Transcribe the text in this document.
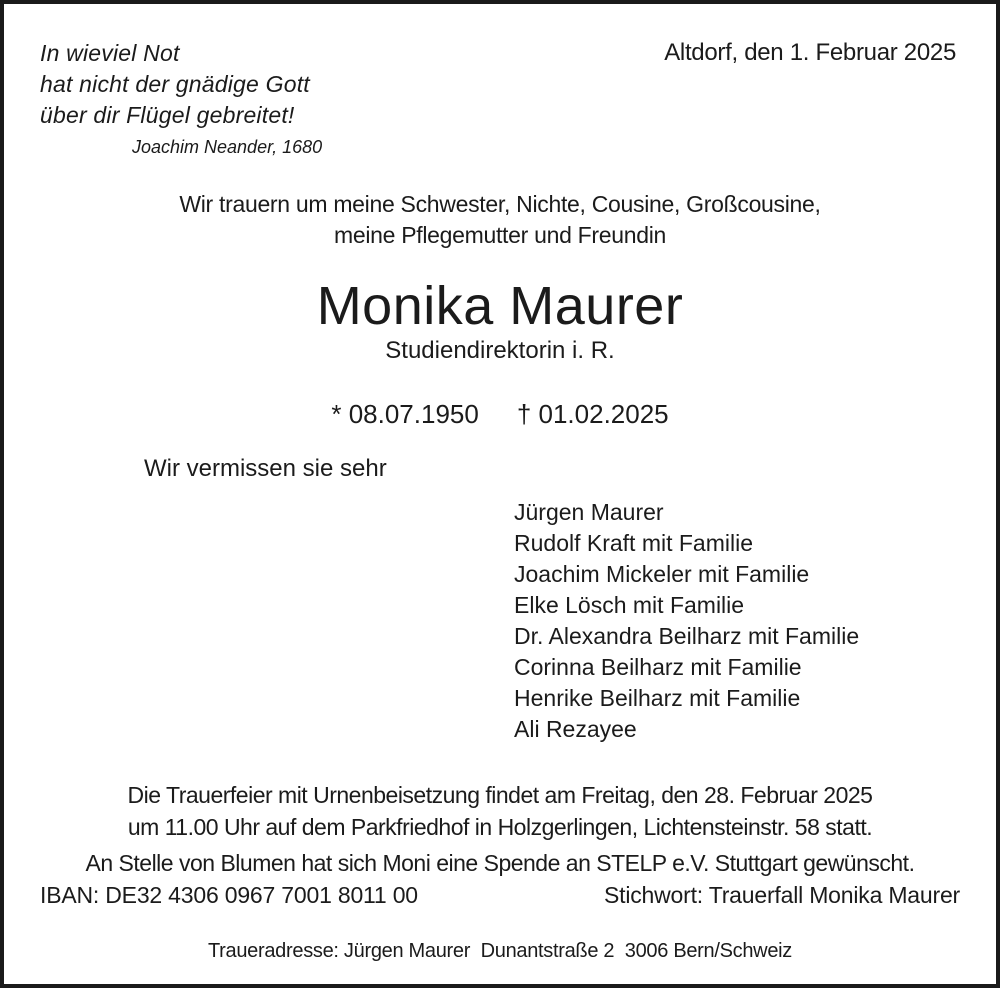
In wieviel Not
hat nicht der gnädige Gott
über dir Flügel gebreitet!
Joachim Neander, 1680
Altdorf, den 1. Februar 2025
Wir trauern um meine Schwester, Nichte, Cousine, Großcousine,
meine Pflegemutter und Freundin
Monika Maurer
Studiendirektorin i. R.
* 08.07.1950 † 01.02.2025
Wir vermissen sie sehr
Jürgen Maurer
Rudolf Kraft mit Familie
Joachim Mickeler mit Familie
Elke Lösch mit Familie
Dr. Alexandra Beilharz mit Familie
Corinna Beilharz mit Familie
Henrike Beilharz mit Familie
Ali Rezayee
Die Trauerfeier mit Urnenbeisetzung findet am Freitag, den 28. Februar 2025
um 11.00 Uhr auf dem Parkfriedhof in Holzgerlingen, Lichtensteinstr. 58 statt.
An Stelle von Blumen hat sich Moni eine Spende an STELP e.V. Stuttgart gewünscht.
IBAN: DE32 4306 0967 7001 8011 00	Stichwort: Trauerfall Monika Maurer
Traueradresse: Jürgen Maurer  Dunantstraße 2  3006 Bern/Schweiz
